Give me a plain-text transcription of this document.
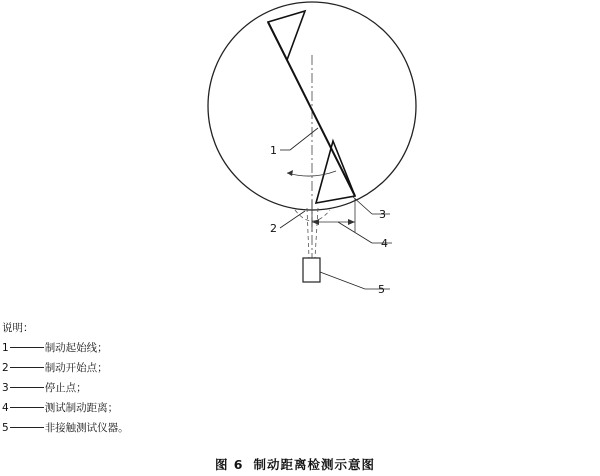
1
2
3
4
5
说明：
1	制动起始线；
2	制动开始点；
3	停止点；
4	测试制动距离；
5	非接触测试仪器。
图 6 制动距离检测示意图
